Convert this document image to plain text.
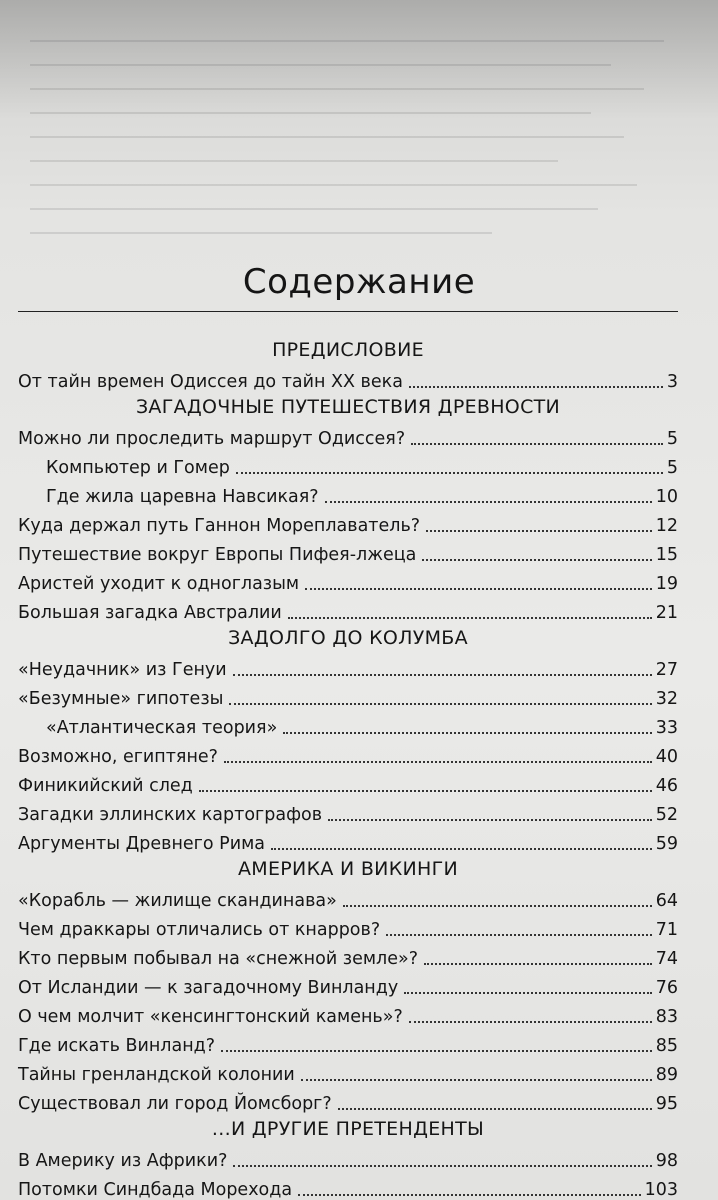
Содержание
ПРЕДИСЛОВИЕ
От тайн времен Одиссея до тайн XX века	3
ЗАГАДОЧНЫЕ ПУТЕШЕСТВИЯ ДРЕВНОСТИ
Можно ли проследить маршрут Одиссея?	5
Компьютер и Гомер	5
Где жила царевна Навсикая?	10
Куда держал путь Ганнон Мореплаватель?	12
Путешествие вокруг Европы Пифея-лжеца	15
Аристей уходит к одноглазым	19
Большая загадка Австралии	21
ЗАДОЛГО ДО КОЛУМБА
«Неудачник» из Генуи	27
«Безумные» гипотезы	32
«Атлантическая теория»	33
Возможно, египтяне?	40
Финикийский след	46
Загадки эллинских картографов	52
Аргументы Древнего Рима	59
АМЕРИКА И ВИКИНГИ
«Корабль — жилище скандинава»	64
Чем драккары отличались от кнарров?	71
Кто первым побывал на «снежной земле»?	74
От Исландии — к загадочному Винланду	76
О чем молчит «кенсингтонский камень»?	83
Где искать Винланд?	85
Тайны гренландской колонии	89
Существовал ли город Йомсборг?	95
...И ДРУГИЕ ПРЕТЕНДЕНТЫ
В Америку из Африки?	98
Потомки Синдбада Морехода	103
